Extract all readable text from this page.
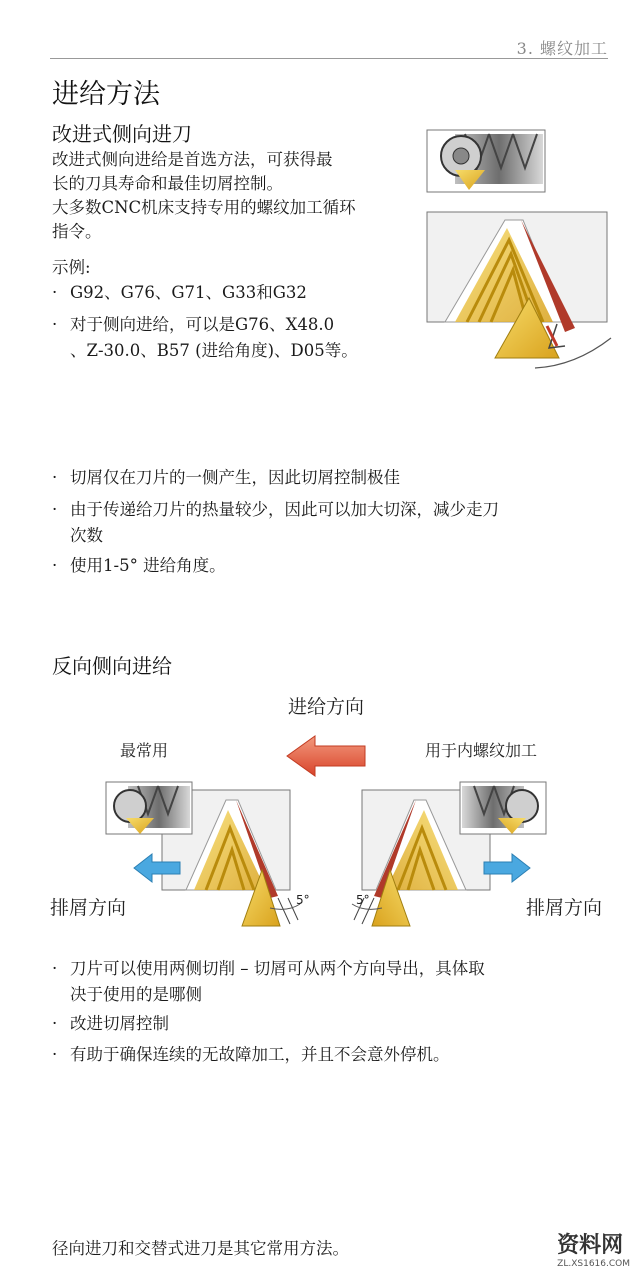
3. 螺纹加工
进给方法
改进式侧向进刀
改进式侧向进给是首选方法，可获得最
长的刀具寿命和最佳切屑控制。
大多数CNC机床支持专用的螺纹加工循环
指令。
示例:
· G92、G76、G71、G33和G32
· 对于侧向进给，可以是G76、X48.0
、Z-30.0、B57 (进给角度)、D05等。
· 切屑仅在刀片的一侧产生，因此切屑控制极佳
· 由于传递给刀片的热量较少，因此可以加大切深，减少走刀
次数
· 使用1-5° 进给角度。
反向侧向进给
进给方向
最常用	用于内螺纹加工
5°	5°
排屑方向	排屑方向
· 刀片可以使用两侧切削 – 切屑可从两个方向导出，具体取
决于使用的是哪侧
· 改进切屑控制
· 有助于确保连续的无故障加工，并且不会意外停机。
径向进刀和交替式进刀是其它常用方法。	资料网
ZL.XS1616.COM
